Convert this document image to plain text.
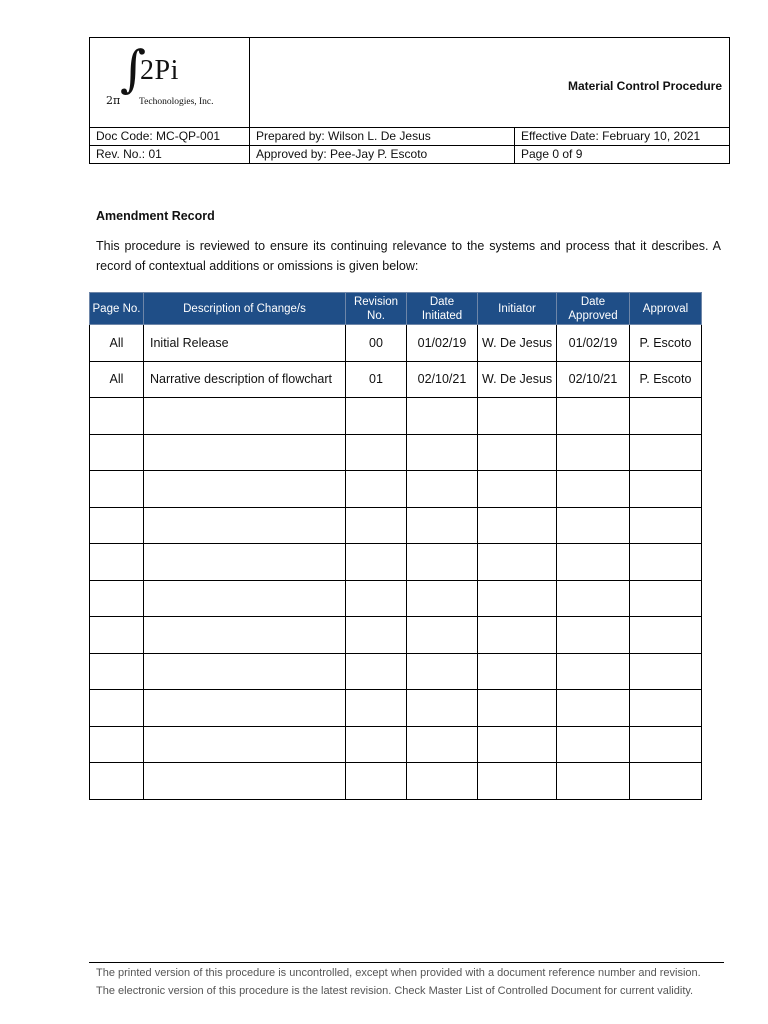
∫
2π
2Pi
Techonologies, Inc.	Material Control Procedure	
Doc Code: MC-QP-001	Prepared by: Wilson L. De Jesus	Effective Date: February 10, 2021
Rev. No.: 01	Approved by: Pee-Jay P. Escoto	Page 0 of 9
Amendment Record
This procedure is reviewed to ensure its continuing relevance to the systems and process that it describes. A record of contextual additions or omissions is given below:
Page No.	Description of Change/s	Revision No.	Date Initiated	Initiator	Date Approved	Approval
All	Initial Release	00	01/02/19	W. De Jesus	01/02/19	P. Escoto
All	Narrative description of flowchart	01	02/10/21	W. De Jesus	02/10/21	P. Escoto

The printed version of this procedure is uncontrolled, except when provided with a document reference number and revision.
The electronic version of this procedure is the latest revision. Check Master List of Controlled Document for current validity.
